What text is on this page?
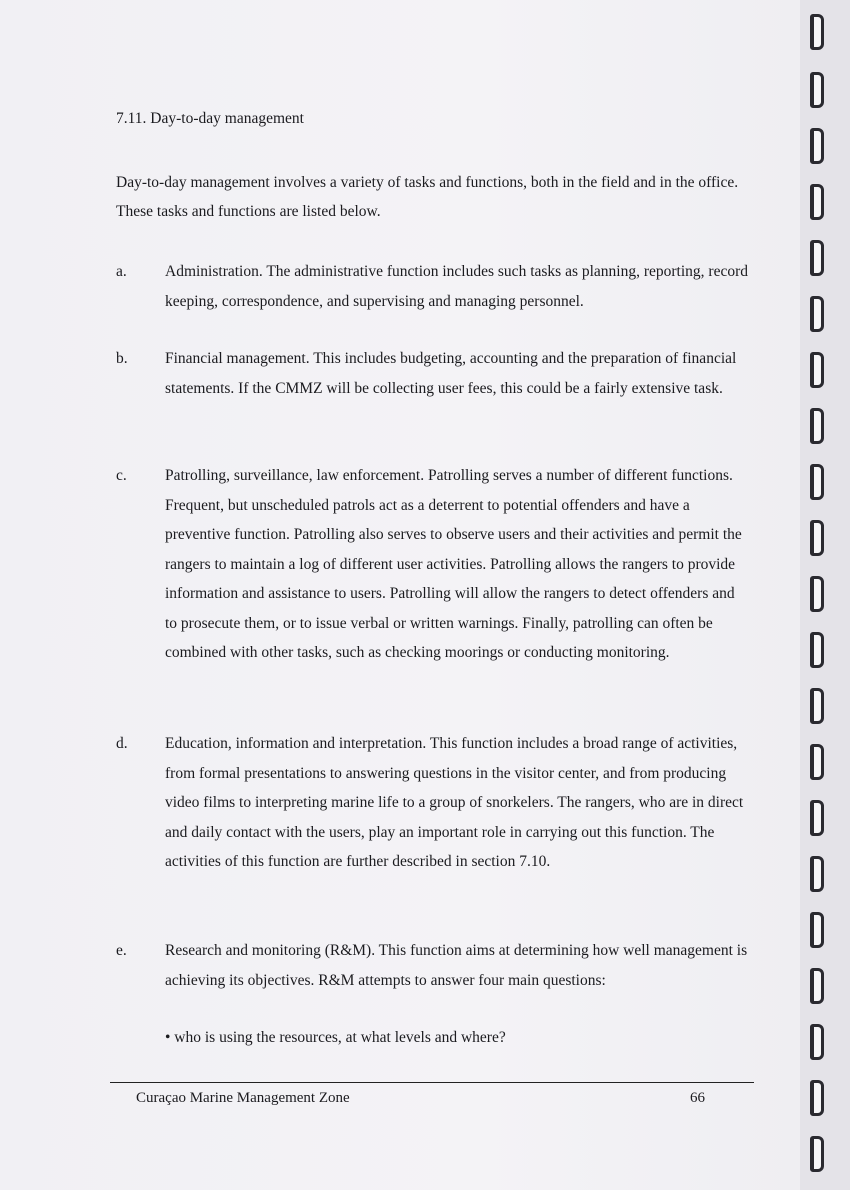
7.11. Day-to-day management
Day-to-day management involves a variety of tasks and functions, both in the field and in the office. These tasks and functions are listed below.
a. Administration. The administrative function includes such tasks as planning, reporting, record keeping, correspondence, and supervising and managing personnel.
b. Financial management. This includes budgeting, accounting and the preparation of financial statements. If the CMMZ will be collecting user fees, this could be a fairly extensive task.
c. Patrolling, surveillance, law enforcement. Patrolling serves a number of different functions. Frequent, but unscheduled patrols act as a deterrent to potential offenders and have a preventive function. Patrolling also serves to observe users and their activities and permit the rangers to maintain a log of different user activities. Patrolling allows the rangers to provide information and assistance to users. Patrolling will allow the rangers to detect offenders and to prosecute them, or to issue verbal or written warnings. Finally, patrolling can often be combined with other tasks, such as checking moorings or conducting monitoring.
d. Education, information and interpretation. This function includes a broad range of activities, from formal presentations to answering questions in the visitor center, and from producing video films to interpreting marine life to a group of snorkelers. The rangers, who are in direct and daily contact with the users, play an important role in carrying out this function. The activities of this function are further described in section 7.10.
e. Research and monitoring (R&M). This function aims at determining how well management is achieving its objectives. R&M attempts to answer four main questions:
• who is using the resources, at what levels and where?
Curaçao Marine Management Zone	66
